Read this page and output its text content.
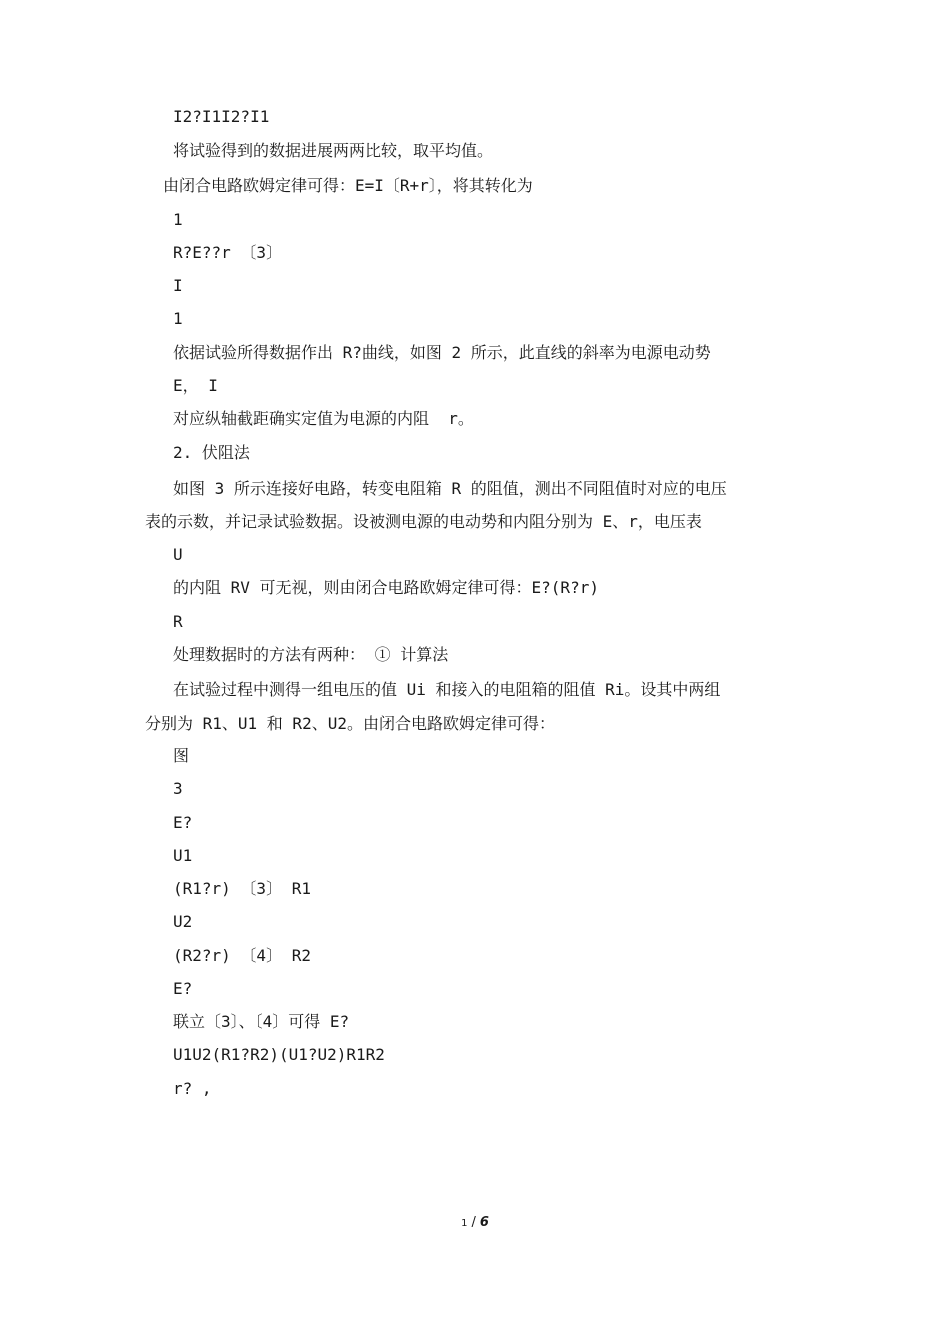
I2?I1I2?I1
将试验得到的数据进展两两比较，取平均值。
由闭合电路欧姆定律可得：E=I〔R+r〕，将其转化为
1
R?E??r 〔3〕
I
1
依据试验所得数据作出 R?曲线，如图 2 所示，此直线的斜率为电源电动势
E， I
对应纵轴截距确实定值为电源的内阻  r。
2. 伏阻法
如图 3 所示连接好电路，转变电阻箱 R 的阻值，测出不同阻值时对应的电压
表的示数，并记录试验数据。设被测电源的电动势和内阻分别为 E、r，电压表
U
的内阻 RV 可无视，则由闭合电路欧姆定律可得：E?(R?r)
R
处理数据时的方法有两种： ① 计算法
在试验过程中测得一组电压的值 Ui 和接入的电阻箱的阻值 Ri。设其中两组
分别为 R1、U1 和 R2、U2。由闭合电路欧姆定律可得：
图
3
E?
U1
(R1?r) 〔3〕 R1
U2
(R2?r) 〔4〕 R2
E?
联立〔3〕、〔4〕可得 E?
U1U2(R1?R2)(U1?U2)R1R2
r? ,
1 / 6
